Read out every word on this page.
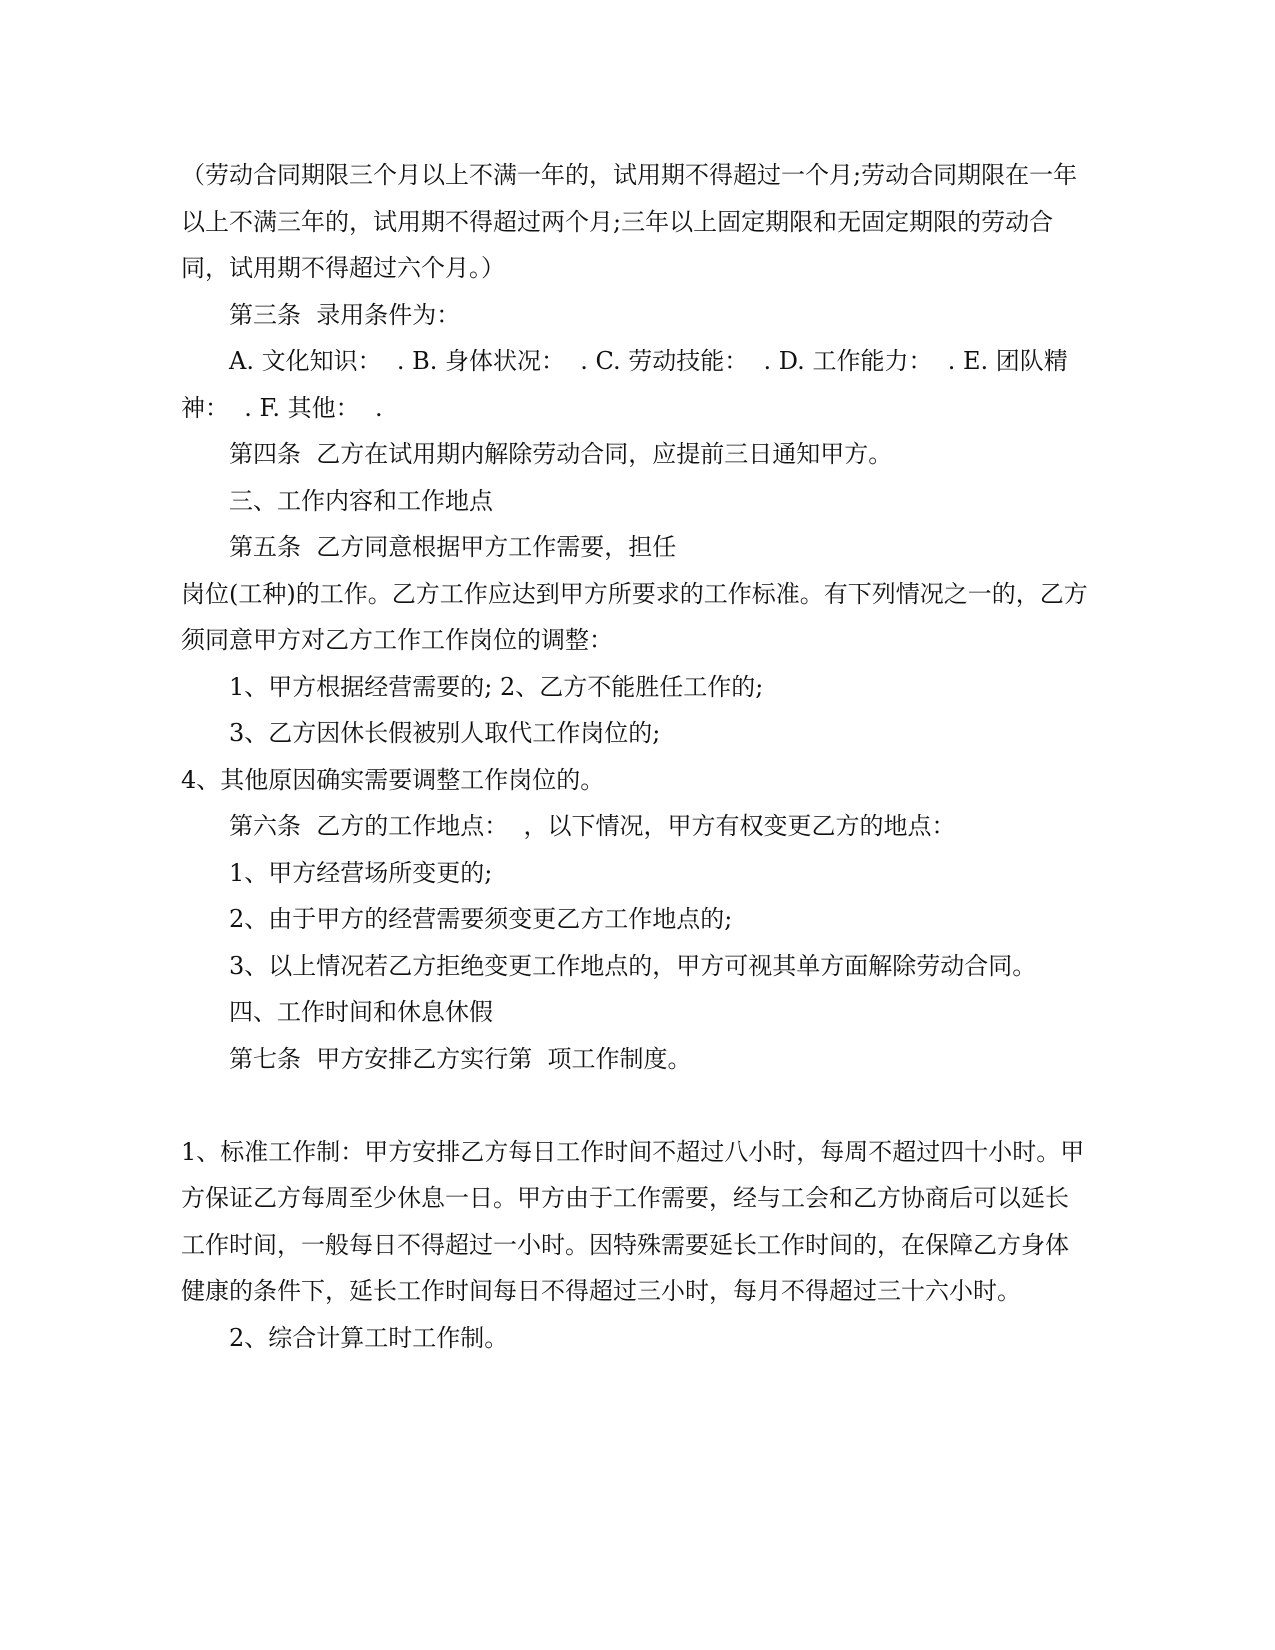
（劳动合同期限三个月以上不满一年的，试用期不得超过一个月;劳动合同期限在一年以上不满三年的，试用期不得超过两个月;三年以上固定期限和无固定期限的劳动合同，试用期不得超过六个月。）

第三条  录用条件为：

A. 文化知识：  . B. 身体状况：  . C. 劳动技能：  . D. 工作能力：  . E. 团队精神：  . F. 其他：  .

第四条  乙方在试用期内解除劳动合同，应提前三日通知甲方。

三、工作内容和工作地点

第五条  乙方同意根据甲方工作需要，担任

岗位(工种)的工作。乙方工作应达到甲方所要求的工作标准。有下列情况之一的，乙方须同意甲方对乙方工作工作岗位的调整：

1、甲方根据经营需要的; 2、乙方不能胜任工作的;

3、乙方因休长假被别人取代工作岗位的;

4、其他原因确实需要调整工作岗位的。

第六条  乙方的工作地点：  ，以下情况，甲方有权变更乙方的地点：

1、甲方经营场所变更的;

2、由于甲方的经营需要须变更乙方工作地点的;

3、以上情况若乙方拒绝变更工作地点的，甲方可视其单方面解除劳动合同。

四、工作时间和休息休假

第七条  甲方安排乙方实行第  项工作制度。

1、标准工作制：甲方安排乙方每日工作时间不超过八小时，每周不超过四十小时。甲方保证乙方每周至少休息一日。甲方由于工作需要，经与工会和乙方协商后可以延长工作时间，一般每日不得超过一小时。因特殊需要延长工作时间的，在保障乙方身体健康的条件下，延长工作时间每日不得超过三小时，每月不得超过三十六小时。

2、综合计算工时工作制。
